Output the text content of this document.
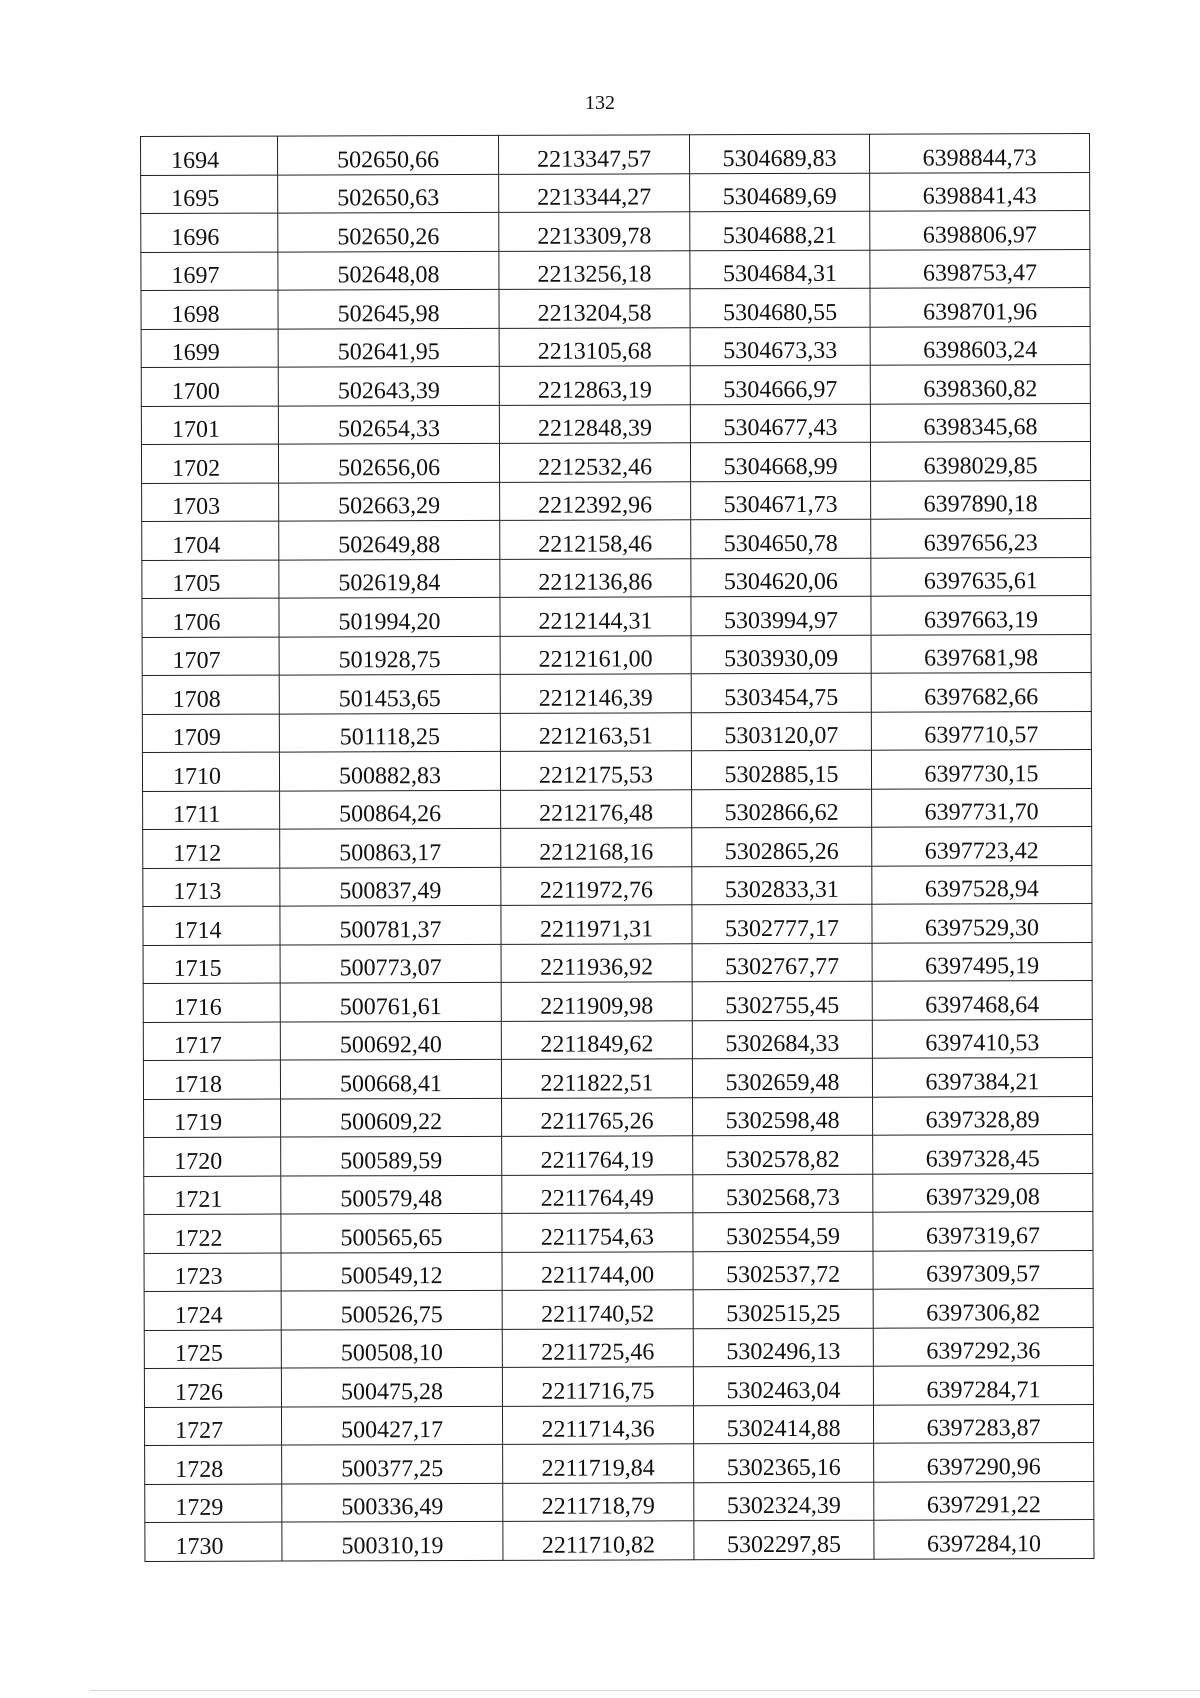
132
1694	502650,66	2213347,57	5304689,83	6398844,73
1695	502650,63	2213344,27	5304689,69	6398841,43
1696	502650,26	2213309,78	5304688,21	6398806,97
1697	502648,08	2213256,18	5304684,31	6398753,47
1698	502645,98	2213204,58	5304680,55	6398701,96
1699	502641,95	2213105,68	5304673,33	6398603,24
1700	502643,39	2212863,19	5304666,97	6398360,82
1701	502654,33	2212848,39	5304677,43	6398345,68
1702	502656,06	2212532,46	5304668,99	6398029,85
1703	502663,29	2212392,96	5304671,73	6397890,18
1704	502649,88	2212158,46	5304650,78	6397656,23
1705	502619,84	2212136,86	5304620,06	6397635,61
1706	501994,20	2212144,31	5303994,97	6397663,19
1707	501928,75	2212161,00	5303930,09	6397681,98
1708	501453,65	2212146,39	5303454,75	6397682,66
1709	501118,25	2212163,51	5303120,07	6397710,57
1710	500882,83	2212175,53	5302885,15	6397730,15
1711	500864,26	2212176,48	5302866,62	6397731,70
1712	500863,17	2212168,16	5302865,26	6397723,42
1713	500837,49	2211972,76	5302833,31	6397528,94
1714	500781,37	2211971,31	5302777,17	6397529,30
1715	500773,07	2211936,92	5302767,77	6397495,19
1716	500761,61	2211909,98	5302755,45	6397468,64
1717	500692,40	2211849,62	5302684,33	6397410,53
1718	500668,41	2211822,51	5302659,48	6397384,21
1719	500609,22	2211765,26	5302598,48	6397328,89
1720	500589,59	2211764,19	5302578,82	6397328,45
1721	500579,48	2211764,49	5302568,73	6397329,08
1722	500565,65	2211754,63	5302554,59	6397319,67
1723	500549,12	2211744,00	5302537,72	6397309,57
1724	500526,75	2211740,52	5302515,25	6397306,82
1725	500508,10	2211725,46	5302496,13	6397292,36
1726	500475,28	2211716,75	5302463,04	6397284,71
1727	500427,17	2211714,36	5302414,88	6397283,87
1728	500377,25	2211719,84	5302365,16	6397290,96
1729	500336,49	2211718,79	5302324,39	6397291,22
1730	500310,19	2211710,82	5302297,85	6397284,10
